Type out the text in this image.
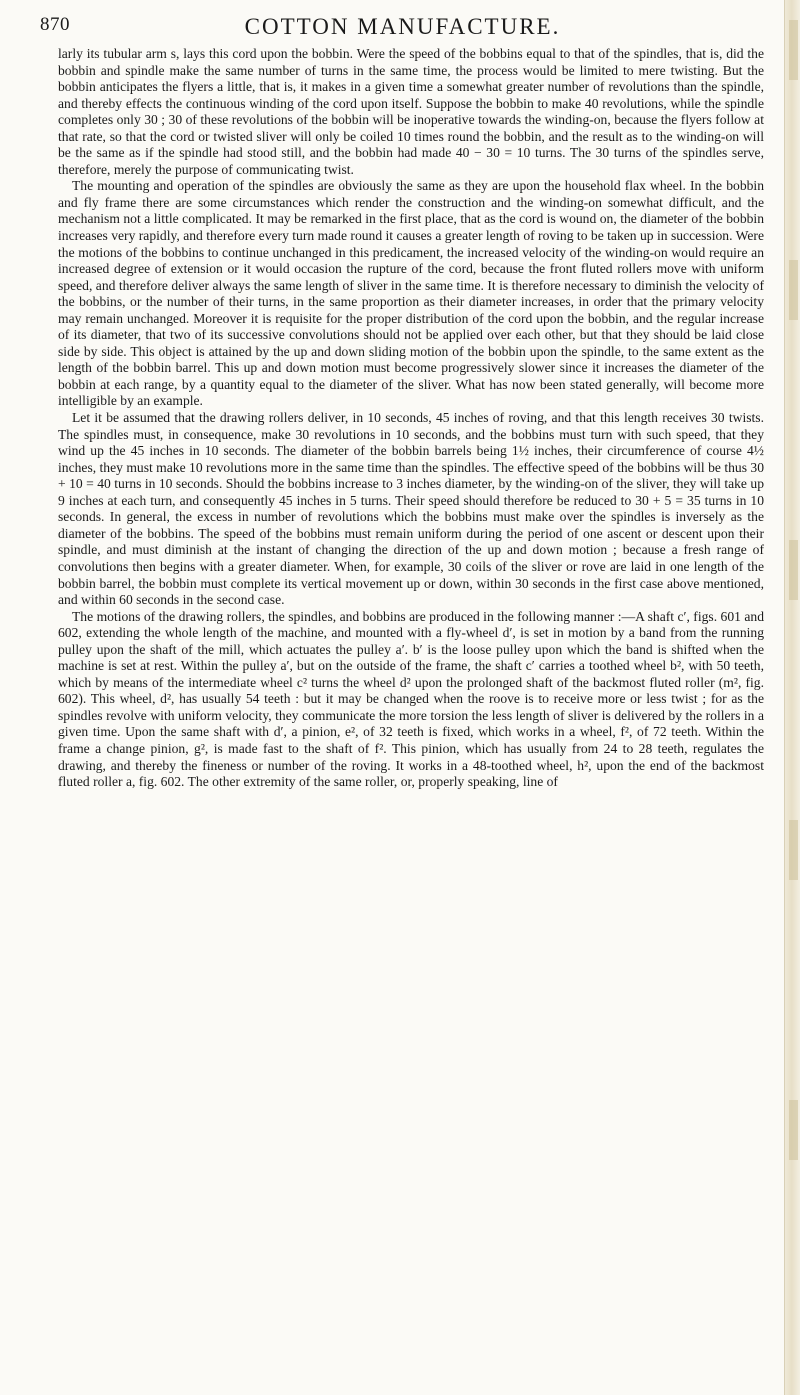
870	COTTON MANUFACTURE.

larly its tubular arm s, lays this cord upon the bobbin. Were the speed of the bobbins equal to that of the spindles, that is, did the bobbin and spindle make the same number of turns in the same time, the process would be limited to mere twisting. But the bobbin anticipates the flyers a little, that is, it makes in a given time a somewhat greater number of revolutions than the spindle, and thereby effects the continuous winding of the cord upon itself. Suppose the bobbin to make 40 revolutions, while the spindle completes only 30 ; 30 of these revolutions of the bobbin will be inoperative towards the winding-on, because the flyers follow at that rate, so that the cord or twisted sliver will only be coiled 10 times round the bobbin, and the result as to the winding-on will be the same as if the spindle had stood still, and the bobbin had made 40 − 30 = 10 turns. The 30 turns of the spindles serve, therefore, merely the purpose of communicating twist.

The mounting and operation of the spindles are obviously the same as they are upon the household flax wheel. In the bobbin and fly frame there are some circumstances which render the construction and the winding-on somewhat difficult, and the mechanism not a little complicated. It may be remarked in the first place, that as the cord is wound on, the diameter of the bobbin increases very rapidly, and therefore every turn made round it causes a greater length of roving to be taken up in succession. Were the motions of the bobbins to continue unchanged in this predicament, the increased velocity of the winding-on would require an increased degree of extension or it would occasion the rupture of the cord, because the front fluted rollers move with uniform speed, and therefore deliver always the same length of sliver in the same time. It is therefore necessary to diminish the velocity of the bobbins, or the number of their turns, in the same proportion as their diameter increases, in order that the primary velocity may remain unchanged. Moreover it is requisite for the proper distribution of the cord upon the bobbin, and the regular increase of its diameter, that two of its successive convolutions should not be applied over each other, but that they should be laid close side by side. This object is attained by the up and down sliding motion of the bobbin upon the spindle, to the same extent as the length of the bobbin barrel. This up and down motion must become progressively slower since it increases the diameter of the bobbin at each range, by a quantity equal to the diameter of the sliver. What has now been stated generally, will become more intelligible by an example.

Let it be assumed that the drawing rollers deliver, in 10 seconds, 45 inches of roving, and that this length receives 30 twists. The spindles must, in consequence, make 30 revolutions in 10 seconds, and the bobbins must turn with such speed, that they wind up the 45 inches in 10 seconds. The diameter of the bobbin barrels being 1½ inches, their circumference of course 4½ inches, they must make 10 revolutions more in the same time than the spindles. The effective speed of the bobbins will be thus 30 + 10 = 40 turns in 10 seconds. Should the bobbins increase to 3 inches diameter, by the winding-on of the sliver, they will take up 9 inches at each turn, and consequently 45 inches in 5 turns. Their speed should therefore be reduced to 30 + 5 = 35 turns in 10 seconds. In general, the excess in number of revolutions which the bobbins must make over the spindles is inversely as the diameter of the bobbins. The speed of the bobbins must remain uniform during the period of one ascent or descent upon their spindle, and must diminish at the instant of changing the direction of the up and down motion ; because a fresh range of convolutions then begins with a greater diameter. When, for example, 30 coils of the sliver or rove are laid in one length of the bobbin barrel, the bobbin must complete its vertical movement up or down, within 30 seconds in the first case above mentioned, and within 60 seconds in the second case.

The motions of the drawing rollers, the spindles, and bobbins are produced in the following manner :—A shaft c′, figs. 601 and 602, extending the whole length of the machine, and mounted with a fly-wheel d′, is set in motion by a band from the running pulley upon the shaft of the mill, which actuates the pulley a′. b′ is the loose pulley upon which the band is shifted when the machine is set at rest. Within the pulley a′, but on the outside of the frame, the shaft c′ carries a toothed wheel b², with 50 teeth, which by means of the intermediate wheel c² turns the wheel d² upon the prolonged shaft of the backmost fluted roller (m², fig. 602). This wheel, d², has usually 54 teeth : but it may be changed when the roove is to receive more or less twist ; for as the spindles revolve with uniform velocity, they communicate the more torsion the less length of sliver is delivered by the rollers in a given time. Upon the same shaft with d′, a pinion, e², of 32 teeth is fixed, which works in a wheel, f², of 72 teeth. Within the frame a change pinion, g², is made fast to the shaft of f². This pinion, which has usually from 24 to 28 teeth, regulates the drawing, and thereby the fineness or number of the roving. It works in a 48-toothed wheel, h², upon the end of the backmost fluted roller a, fig. 602. The other extremity of the same roller, or, properly speaking, line of
